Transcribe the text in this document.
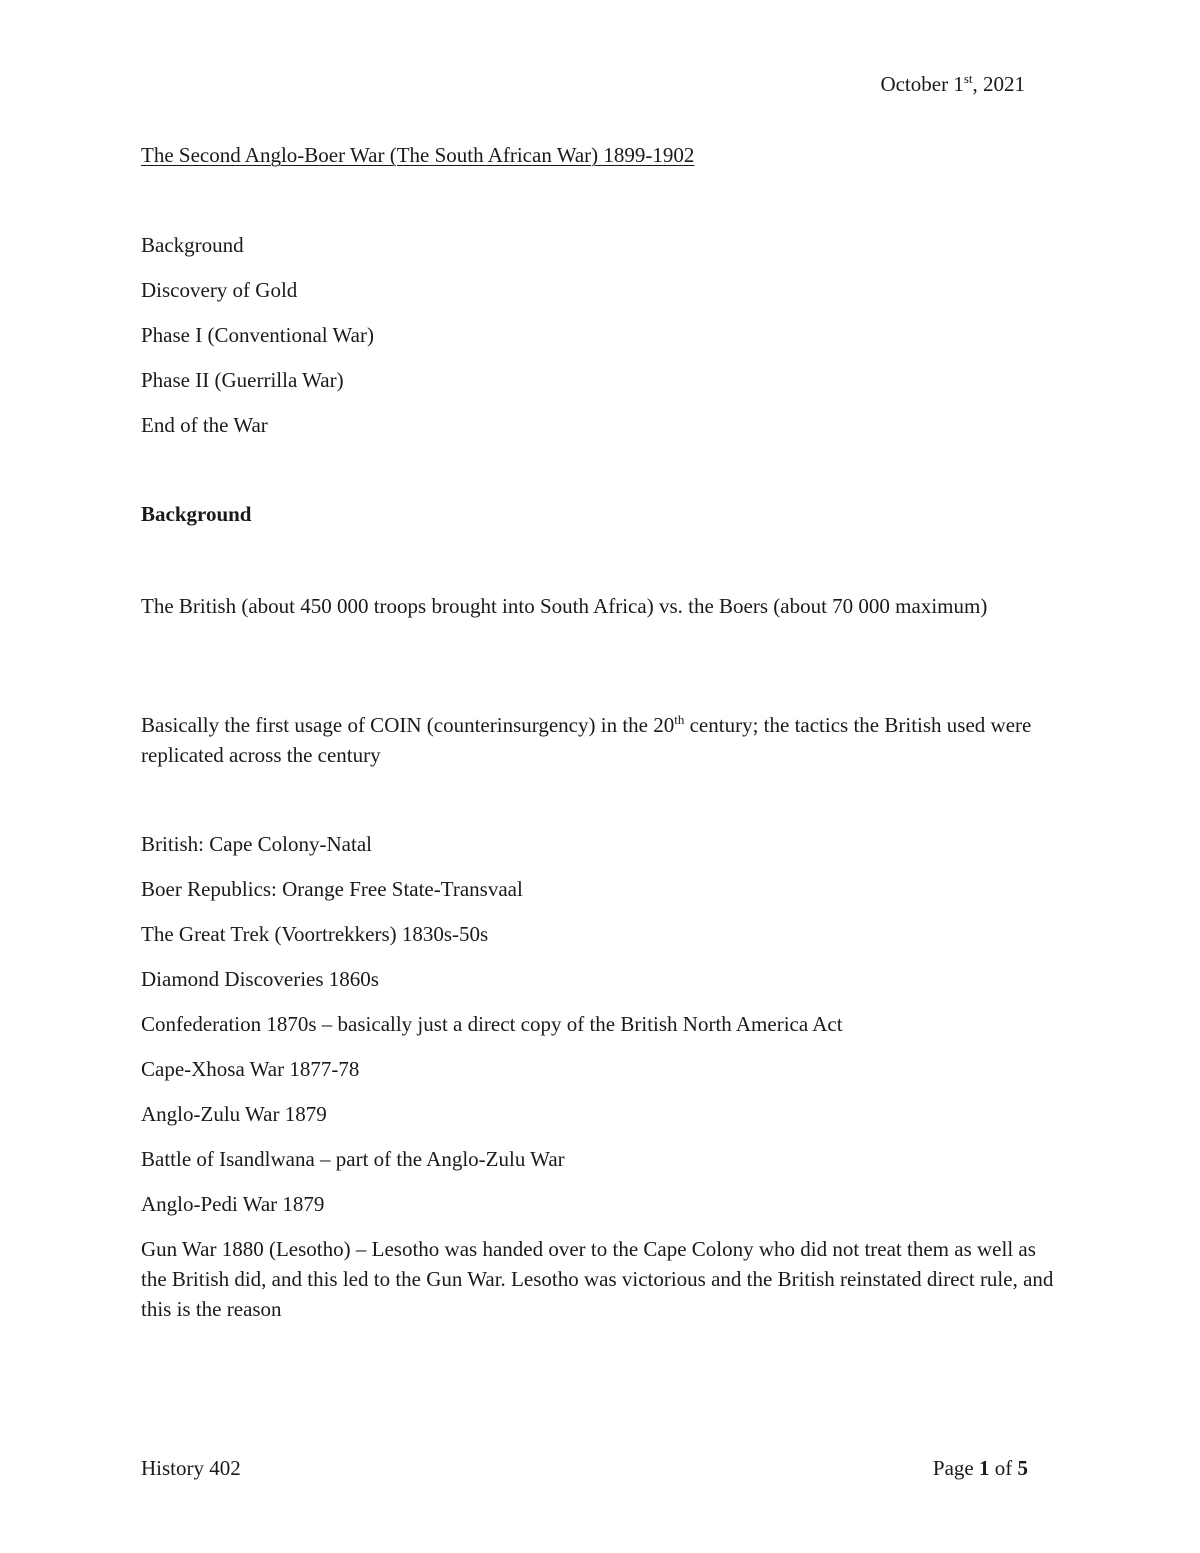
October 1st, 2021
The Second Anglo-Boer War (The South African War) 1899-1902
Background
Discovery of Gold
Phase I (Conventional War)
Phase II (Guerrilla War)
End of the War
Background

The British (about 450 000 troops brought into South Africa) vs. the Boers (about 70 000 maximum)

Basically the first usage of COIN (counterinsurgency) in the 20th century; the tactics the British used were replicated across the century

British: Cape Colony-Natal
Boer Republics: Orange Free State-Transvaal
The Great Trek (Voortrekkers) 1830s-50s
Diamond Discoveries 1860s
Confederation 1870s – basically just a direct copy of the British North America Act
Cape-Xhosa War 1877-78
Anglo-Zulu War 1879
Battle of Isandlwana – part of the Anglo-Zulu War
Anglo-Pedi War 1879
Gun War 1880 (Lesotho) – Lesotho was handed over to the Cape Colony who did not treat them as well as the British did, and this led to the Gun War. Lesotho was victorious and the British reinstated direct rule, and this is the reason
History 402	Page 1 of 5
